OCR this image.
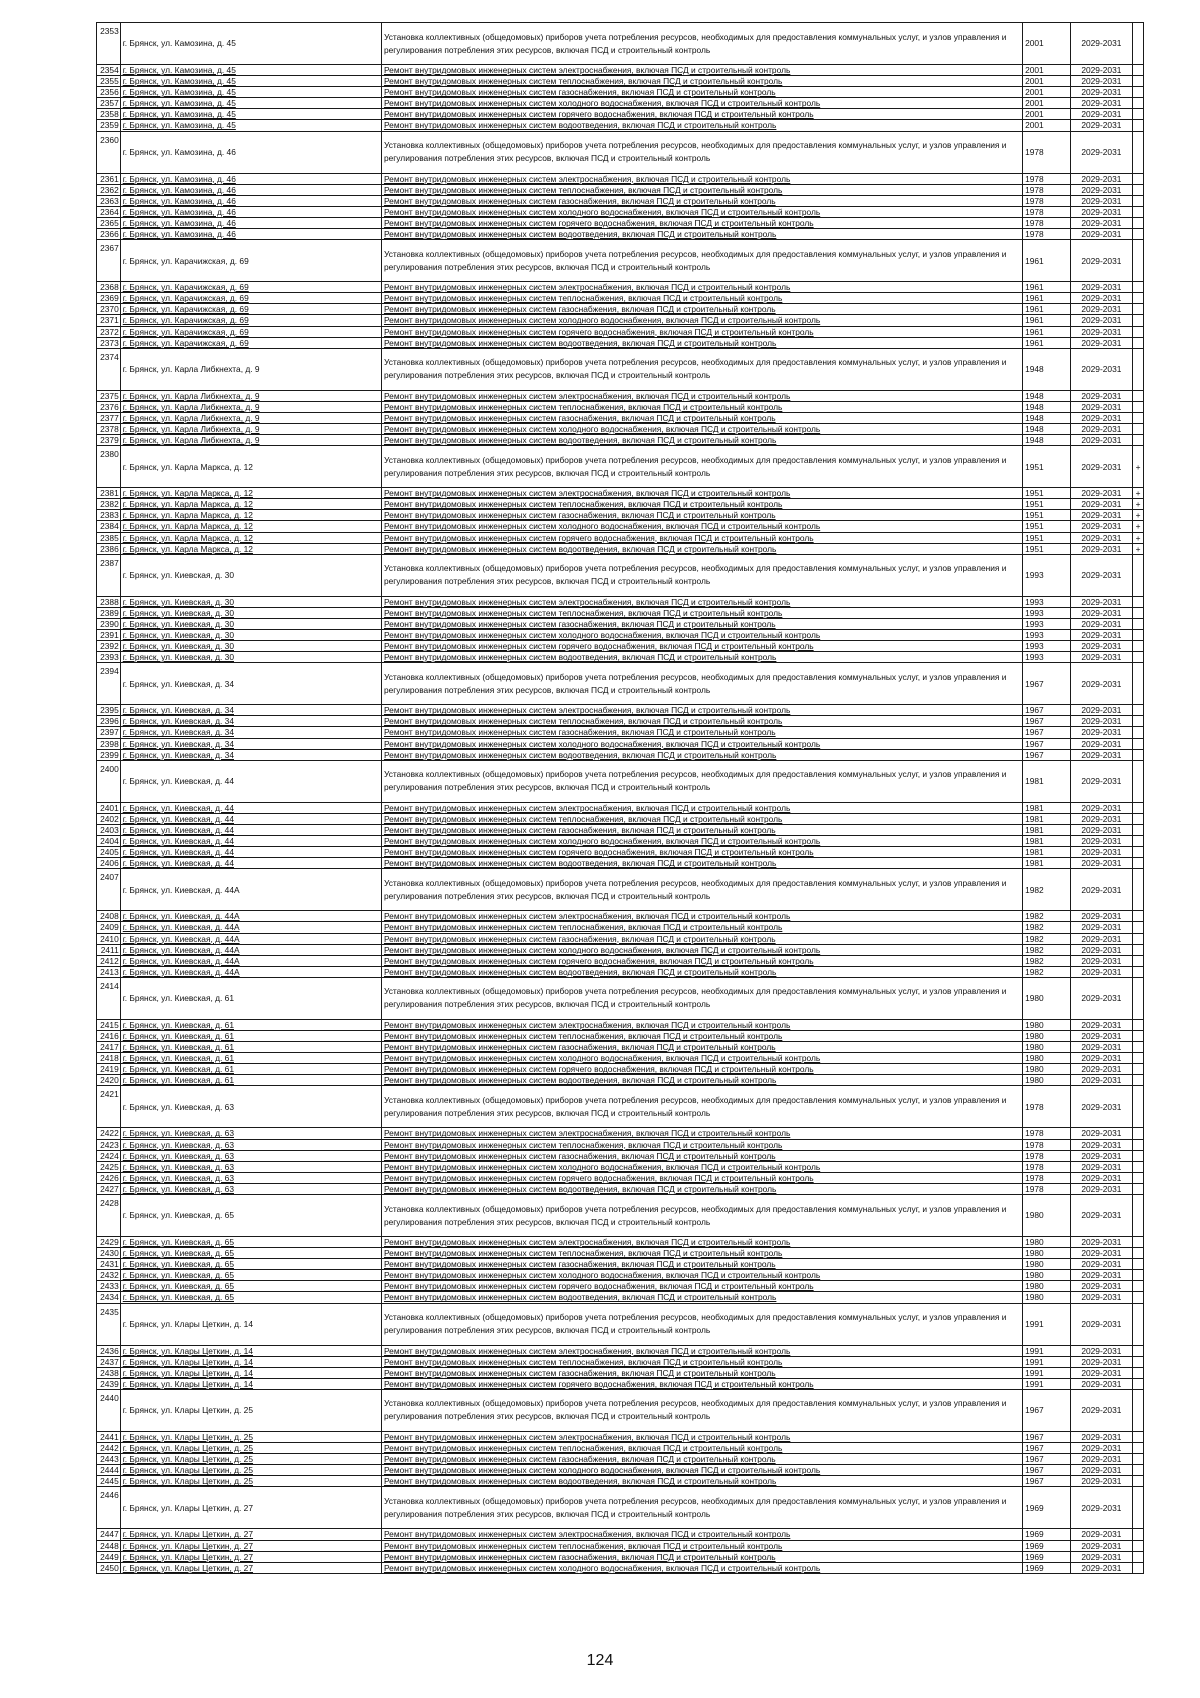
2353	г. Брянск, ул. Камозина, д. 45	Установка коллективных (общедомовых) приборов учета потребления ресурсов, необходимых для предоставления коммунальных услуг, и узлов управления и регулирования потребления этих ресурсов, включая ПСД и строительный контроль	2001	2029-2031	
2354	г. Брянск, ул. Камозина, д. 45	Ремонт внутридомовых инженерных систем электроснабжения, включая ПСД и строительный контроль	2001	2029-2031	
2355	г. Брянск, ул. Камозина, д. 45	Ремонт внутридомовых инженерных систем теплоснабжения, включая ПСД и строительный контроль	2001	2029-2031	
2356	г. Брянск, ул. Камозина, д. 45	Ремонт внутридомовых инженерных систем газоснабжения, включая ПСД и строительный контроль	2001	2029-2031	
2357	г. Брянск, ул. Камозина, д. 45	Ремонт внутридомовых инженерных систем холодного водоснабжения, включая ПСД и строительный контроль	2001	2029-2031	
2358	г. Брянск, ул. Камозина, д. 45	Ремонт внутридомовых инженерных систем горячего водоснабжения, включая ПСД и строительный контроль	2001	2029-2031	
2359	г. Брянск, ул. Камозина, д. 45	Ремонт внутридомовых инженерных систем водоотведения, включая ПСД и строительный контроль	2001	2029-2031	
2360	г. Брянск, ул. Камозина, д. 46	Установка коллективных (общедомовых) приборов учета потребления ресурсов, необходимых для предоставления коммунальных услуг, и узлов управления и регулирования потребления этих ресурсов, включая ПСД и строительный контроль	1978	2029-2031	
2361	г. Брянск, ул. Камозина, д. 46	Ремонт внутридомовых инженерных систем электроснабжения, включая ПСД и строительный контроль	1978	2029-2031	
2362	г. Брянск, ул. Камозина, д. 46	Ремонт внутридомовых инженерных систем теплоснабжения, включая ПСД и строительный контроль	1978	2029-2031	
2363	г. Брянск, ул. Камозина, д. 46	Ремонт внутридомовых инженерных систем газоснабжения, включая ПСД и строительный контроль	1978	2029-2031	
2364	г. Брянск, ул. Камозина, д. 46	Ремонт внутридомовых инженерных систем холодного водоснабжения, включая ПСД и строительный контроль	1978	2029-2031	
2365	г. Брянск, ул. Камозина, д. 46	Ремонт внутридомовых инженерных систем горячего водоснабжения, включая ПСД и строительный контроль	1978	2029-2031	
2366	г. Брянск, ул. Камозина, д. 46	Ремонт внутридомовых инженерных систем водоотведения, включая ПСД и строительный контроль	1978	2029-2031	
2367	г. Брянск, ул. Карачижская, д. 69	Установка коллективных (общедомовых) приборов учета потребления ресурсов, необходимых для предоставления коммунальных услуг, и узлов управления и регулирования потребления этих ресурсов, включая ПСД и строительный контроль	1961	2029-2031	
2368	г. Брянск, ул. Карачижская, д. 69	Ремонт внутридомовых инженерных систем электроснабжения, включая ПСД и строительный контроль	1961	2029-2031	
2369	г. Брянск, ул. Карачижская, д. 69	Ремонт внутридомовых инженерных систем теплоснабжения, включая ПСД и строительный контроль	1961	2029-2031	
2370	г. Брянск, ул. Карачижская, д. 69	Ремонт внутридомовых инженерных систем газоснабжения, включая ПСД и строительный контроль	1961	2029-2031	
2371	г. Брянск, ул. Карачижская, д. 69	Ремонт внутридомовых инженерных систем холодного водоснабжения, включая ПСД и строительный контроль	1961	2029-2031	
2372	г. Брянск, ул. Карачижская, д. 69	Ремонт внутридомовых инженерных систем горячего водоснабжения, включая ПСД и строительный контроль	1961	2029-2031	
2373	г. Брянск, ул. Карачижская, д. 69	Ремонт внутридомовых инженерных систем водоотведения, включая ПСД и строительный контроль	1961	2029-2031	
2374	г. Брянск, ул. Карла Либкнехта, д. 9	Установка коллективных (общедомовых) приборов учета потребления ресурсов, необходимых для предоставления коммунальных услуг, и узлов управления и регулирования потребления этих ресурсов, включая ПСД и строительный контроль	1948	2029-2031	
2375	г. Брянск, ул. Карла Либкнехта, д. 9	Ремонт внутридомовых инженерных систем электроснабжения, включая ПСД и строительный контроль	1948	2029-2031	
2376	г. Брянск, ул. Карла Либкнехта, д. 9	Ремонт внутридомовых инженерных систем теплоснабжения, включая ПСД и строительный контроль	1948	2029-2031	
2377	г. Брянск, ул. Карла Либкнехта, д. 9	Ремонт внутридомовых инженерных систем газоснабжения, включая ПСД и строительный контроль	1948	2029-2031	
2378	г. Брянск, ул. Карла Либкнехта, д. 9	Ремонт внутридомовых инженерных систем холодного водоснабжения, включая ПСД и строительный контроль	1948	2029-2031	
2379	г. Брянск, ул. Карла Либкнехта, д. 9	Ремонт внутридомовых инженерных систем водоотведения, включая ПСД и строительный контроль	1948	2029-2031	
2380	г. Брянск, ул. Карла Маркса, д. 12	Установка коллективных (общедомовых) приборов учета потребления ресурсов, необходимых для предоставления коммунальных услуг, и узлов управления и регулирования потребления этих ресурсов, включая ПСД и строительный контроль	1951	2029-2031	+
2381	г. Брянск, ул. Карла Маркса, д. 12	Ремонт внутридомовых инженерных систем электроснабжения, включая ПСД и строительный контроль	1951	2029-2031	+
2382	г. Брянск, ул. Карла Маркса, д. 12	Ремонт внутридомовых инженерных систем теплоснабжения, включая ПСД и строительный контроль	1951	2029-2031	+
2383	г. Брянск, ул. Карла Маркса, д. 12	Ремонт внутридомовых инженерных систем газоснабжения, включая ПСД и строительный контроль	1951	2029-2031	+
2384	г. Брянск, ул. Карла Маркса, д. 12	Ремонт внутридомовых инженерных систем холодного водоснабжения, включая ПСД и строительный контроль	1951	2029-2031	+
2385	г. Брянск, ул. Карла Маркса, д. 12	Ремонт внутридомовых инженерных систем горячего водоснабжения, включая ПСД и строительный контроль	1951	2029-2031	+
2386	г. Брянск, ул. Карла Маркса, д. 12	Ремонт внутридомовых инженерных систем водоотведения, включая ПСД и строительный контроль	1951	2029-2031	+
2387	г. Брянск, ул. Киевская, д. 30	Установка коллективных (общедомовых) приборов учета потребления ресурсов, необходимых для предоставления коммунальных услуг, и узлов управления и регулирования потребления этих ресурсов, включая ПСД и строительный контроль	1993	2029-2031	
2388	г. Брянск, ул. Киевская, д. 30	Ремонт внутридомовых инженерных систем электроснабжения, включая ПСД и строительный контроль	1993	2029-2031	
2389	г. Брянск, ул. Киевская, д. 30	Ремонт внутридомовых инженерных систем теплоснабжения, включая ПСД и строительный контроль	1993	2029-2031	
2390	г. Брянск, ул. Киевская, д. 30	Ремонт внутридомовых инженерных систем газоснабжения, включая ПСД и строительный контроль	1993	2029-2031	
2391	г. Брянск, ул. Киевская, д. 30	Ремонт внутридомовых инженерных систем холодного водоснабжения, включая ПСД и строительный контроль	1993	2029-2031	
2392	г. Брянск, ул. Киевская, д. 30	Ремонт внутридомовых инженерных систем горячего водоснабжения, включая ПСД и строительный контроль	1993	2029-2031	
2393	г. Брянск, ул. Киевская, д. 30	Ремонт внутридомовых инженерных систем водоотведения, включая ПСД и строительный контроль	1993	2029-2031	
2394	г. Брянск, ул. Киевская, д. 34	Установка коллективных (общедомовых) приборов учета потребления ресурсов, необходимых для предоставления коммунальных услуг, и узлов управления и регулирования потребления этих ресурсов, включая ПСД и строительный контроль	1967	2029-2031	
2395	г. Брянск, ул. Киевская, д. 34	Ремонт внутридомовых инженерных систем электроснабжения, включая ПСД и строительный контроль	1967	2029-2031	
2396	г. Брянск, ул. Киевская, д. 34	Ремонт внутридомовых инженерных систем теплоснабжения, включая ПСД и строительный контроль	1967	2029-2031	
2397	г. Брянск, ул. Киевская, д. 34	Ремонт внутридомовых инженерных систем газоснабжения, включая ПСД и строительный контроль	1967	2029-2031	
2398	г. Брянск, ул. Киевская, д. 34	Ремонт внутридомовых инженерных систем холодного водоснабжения, включая ПСД и строительный контроль	1967	2029-2031	
2399	г. Брянск, ул. Киевская, д. 34	Ремонт внутридомовых инженерных систем водоотведения, включая ПСД и строительный контроль	1967	2029-2031	
2400	г. Брянск, ул. Киевская, д. 44	Установка коллективных (общедомовых) приборов учета потребления ресурсов, необходимых для предоставления коммунальных услуг, и узлов управления и регулирования потребления этих ресурсов, включая ПСД и строительный контроль	1981	2029-2031	
2401	г. Брянск, ул. Киевская, д. 44	Ремонт внутридомовых инженерных систем электроснабжения, включая ПСД и строительный контроль	1981	2029-2031	
2402	г. Брянск, ул. Киевская, д. 44	Ремонт внутридомовых инженерных систем теплоснабжения, включая ПСД и строительный контроль	1981	2029-2031	
2403	г. Брянск, ул. Киевская, д. 44	Ремонт внутридомовых инженерных систем газоснабжения, включая ПСД и строительный контроль	1981	2029-2031	
2404	г. Брянск, ул. Киевская, д. 44	Ремонт внутридомовых инженерных систем холодного водоснабжения, включая ПСД и строительный контроль	1981	2029-2031	
2405	г. Брянск, ул. Киевская, д. 44	Ремонт внутридомовых инженерных систем горячего водоснабжения, включая ПСД и строительный контроль	1981	2029-2031	
2406	г. Брянск, ул. Киевская, д. 44	Ремонт внутридомовых инженерных систем водоотведения, включая ПСД и строительный контроль	1981	2029-2031	
2407	г. Брянск, ул. Киевская, д. 44А	Установка коллективных (общедомовых) приборов учета потребления ресурсов, необходимых для предоставления коммунальных услуг, и узлов управления и регулирования потребления этих ресурсов, включая ПСД и строительный контроль	1982	2029-2031	
2408	г. Брянск, ул. Киевская, д. 44А	Ремонт внутридомовых инженерных систем электроснабжения, включая ПСД и строительный контроль	1982	2029-2031	
2409	г. Брянск, ул. Киевская, д. 44А	Ремонт внутридомовых инженерных систем теплоснабжения, включая ПСД и строительный контроль	1982	2029-2031	
2410	г. Брянск, ул. Киевская, д. 44А	Ремонт внутридомовых инженерных систем газоснабжения, включая ПСД и строительный контроль	1982	2029-2031	
2411	г. Брянск, ул. Киевская, д. 44А	Ремонт внутридомовых инженерных систем холодного водоснабжения, включая ПСД и строительный контроль	1982	2029-2031	
2412	г. Брянск, ул. Киевская, д. 44А	Ремонт внутридомовых инженерных систем горячего водоснабжения, включая ПСД и строительный контроль	1982	2029-2031	
2413	г. Брянск, ул. Киевская, д. 44А	Ремонт внутридомовых инженерных систем водоотведения, включая ПСД и строительный контроль	1982	2029-2031	
2414	г. Брянск, ул. Киевская, д. 61	Установка коллективных (общедомовых) приборов учета потребления ресурсов, необходимых для предоставления коммунальных услуг, и узлов управления и регулирования потребления этих ресурсов, включая ПСД и строительный контроль	1980	2029-2031	
2415	г. Брянск, ул. Киевская, д. 61	Ремонт внутридомовых инженерных систем электроснабжения, включая ПСД и строительный контроль	1980	2029-2031	
2416	г. Брянск, ул. Киевская, д. 61	Ремонт внутридомовых инженерных систем теплоснабжения, включая ПСД и строительный контроль	1980	2029-2031	
2417	г. Брянск, ул. Киевская, д. 61	Ремонт внутридомовых инженерных систем газоснабжения, включая ПСД и строительный контроль	1980	2029-2031	
2418	г. Брянск, ул. Киевская, д. 61	Ремонт внутридомовых инженерных систем холодного водоснабжения, включая ПСД и строительный контроль	1980	2029-2031	
2419	г. Брянск, ул. Киевская, д. 61	Ремонт внутридомовых инженерных систем горячего водоснабжения, включая ПСД и строительный контроль	1980	2029-2031	
2420	г. Брянск, ул. Киевская, д. 61	Ремонт внутридомовых инженерных систем водоотведения, включая ПСД и строительный контроль	1980	2029-2031	
2421	г. Брянск, ул. Киевская, д. 63	Установка коллективных (общедомовых) приборов учета потребления ресурсов, необходимых для предоставления коммунальных услуг, и узлов управления и регулирования потребления этих ресурсов, включая ПСД и строительный контроль	1978	2029-2031	
2422	г. Брянск, ул. Киевская, д. 63	Ремонт внутридомовых инженерных систем электроснабжения, включая ПСД и строительный контроль	1978	2029-2031	
2423	г. Брянск, ул. Киевская, д. 63	Ремонт внутридомовых инженерных систем теплоснабжения, включая ПСД и строительный контроль	1978	2029-2031	
2424	г. Брянск, ул. Киевская, д. 63	Ремонт внутридомовых инженерных систем газоснабжения, включая ПСД и строительный контроль	1978	2029-2031	
2425	г. Брянск, ул. Киевская, д. 63	Ремонт внутридомовых инженерных систем холодного водоснабжения, включая ПСД и строительный контроль	1978	2029-2031	
2426	г. Брянск, ул. Киевская, д. 63	Ремонт внутридомовых инженерных систем горячего водоснабжения, включая ПСД и строительный контроль	1978	2029-2031	
2427	г. Брянск, ул. Киевская, д. 63	Ремонт внутридомовых инженерных систем водоотведения, включая ПСД и строительный контроль	1978	2029-2031	
2428	г. Брянск, ул. Киевская, д. 65	Установка коллективных (общедомовых) приборов учета потребления ресурсов, необходимых для предоставления коммунальных услуг, и узлов управления и регулирования потребления этих ресурсов, включая ПСД и строительный контроль	1980	2029-2031	
2429	г. Брянск, ул. Киевская, д. 65	Ремонт внутридомовых инженерных систем электроснабжения, включая ПСД и строительный контроль	1980	2029-2031	
2430	г. Брянск, ул. Киевская, д. 65	Ремонт внутридомовых инженерных систем теплоснабжения, включая ПСД и строительный контроль	1980	2029-2031	
2431	г. Брянск, ул. Киевская, д. 65	Ремонт внутридомовых инженерных систем газоснабжения, включая ПСД и строительный контроль	1980	2029-2031	
2432	г. Брянск, ул. Киевская, д. 65	Ремонт внутридомовых инженерных систем холодного водоснабжения, включая ПСД и строительный контроль	1980	2029-2031	
2433	г. Брянск, ул. Киевская, д. 65	Ремонт внутридомовых инженерных систем горячего водоснабжения, включая ПСД и строительный контроль	1980	2029-2031	
2434	г. Брянск, ул. Киевская, д. 65	Ремонт внутридомовых инженерных систем водоотведения, включая ПСД и строительный контроль	1980	2029-2031	
2435	г. Брянск, ул. Клары Цеткин, д. 14	Установка коллективных (общедомовых) приборов учета потребления ресурсов, необходимых для предоставления коммунальных услуг, и узлов управления и регулирования потребления этих ресурсов, включая ПСД и строительный контроль	1991	2029-2031	
2436	г. Брянск, ул. Клары Цеткин, д. 14	Ремонт внутридомовых инженерных систем электроснабжения, включая ПСД и строительный контроль	1991	2029-2031	
2437	г. Брянск, ул. Клары Цеткин, д. 14	Ремонт внутридомовых инженерных систем теплоснабжения, включая ПСД и строительный контроль	1991	2029-2031	
2438	г. Брянск, ул. Клары Цеткин, д. 14	Ремонт внутридомовых инженерных систем газоснабжения, включая ПСД и строительный контроль	1991	2029-2031	
2439	г. Брянск, ул. Клары Цеткин, д. 14	Ремонт внутридомовых инженерных систем горячего водоснабжения, включая ПСД и строительный контроль	1991	2029-2031	
2440	г. Брянск, ул. Клары Цеткин, д. 25	Установка коллективных (общедомовых) приборов учета потребления ресурсов, необходимых для предоставления коммунальных услуг, и узлов управления и регулирования потребления этих ресурсов, включая ПСД и строительный контроль	1967	2029-2031	
2441	г. Брянск, ул. Клары Цеткин, д. 25	Ремонт внутридомовых инженерных систем электроснабжения, включая ПСД и строительный контроль	1967	2029-2031	
2442	г. Брянск, ул. Клары Цеткин, д. 25	Ремонт внутридомовых инженерных систем теплоснабжения, включая ПСД и строительный контроль	1967	2029-2031	
2443	г. Брянск, ул. Клары Цеткин, д. 25	Ремонт внутридомовых инженерных систем газоснабжения, включая ПСД и строительный контроль	1967	2029-2031	
2444	г. Брянск, ул. Клары Цеткин, д. 25	Ремонт внутридомовых инженерных систем холодного водоснабжения, включая ПСД и строительный контроль	1967	2029-2031	
2445	г. Брянск, ул. Клары Цеткин, д. 25	Ремонт внутридомовых инженерных систем водоотведения, включая ПСД и строительный контроль	1967	2029-2031	
2446	г. Брянск, ул. Клары Цеткин, д. 27	Установка коллективных (общедомовых) приборов учета потребления ресурсов, необходимых для предоставления коммунальных услуг, и узлов управления и регулирования потребления этих ресурсов, включая ПСД и строительный контроль	1969	2029-2031	
2447	г. Брянск, ул. Клары Цеткин, д. 27	Ремонт внутридомовых инженерных систем электроснабжения, включая ПСД и строительный контроль	1969	2029-2031	
2448	г. Брянск, ул. Клары Цеткин, д. 27	Ремонт внутридомовых инженерных систем теплоснабжения, включая ПСД и строительный контроль	1969	2029-2031	
2449	г. Брянск, ул. Клары Цеткин, д. 27	Ремонт внутридомовых инженерных систем газоснабжения, включая ПСД и строительный контроль	1969	2029-2031	
2450	г. Брянск, ул. Клары Цеткин, д. 27	Ремонт внутридомовых инженерных систем холодного водоснабжения, включая ПСД и строительный контроль	1969	2029-2031	
124
